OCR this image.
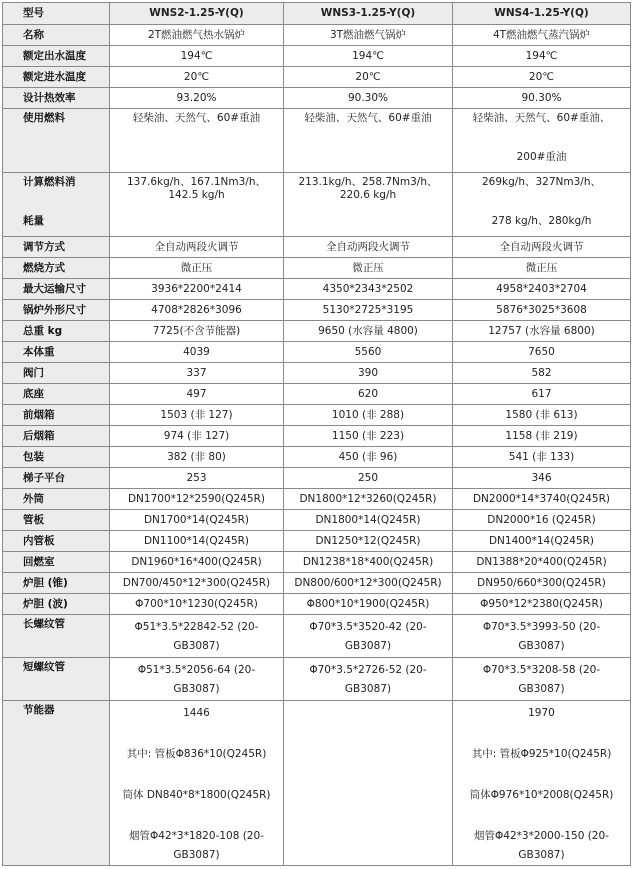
型号	WNS2-1.25-Y(Q)	WNS3-1.25-Y(Q)	WNS4-1.25-Y(Q)
名称	2T燃油燃气热水锅炉	3T燃油燃气锅炉	4T燃油燃气蒸汽锅炉
额定出水温度	194℃	194℃	194℃
额定进水温度	20℃	20℃	20℃
设计热效率	93.20%	90.30%	90.30%
使用燃料	轻柴油、天然气、60#重油	轻柴油、天然气、60#重油	轻柴油、天然气、60#重油、
200#重油

计算燃料消
耗量	137.6kg/h、167.1Nm3/h、
142.5 kg/h	213.1kg/h、258.7Nm3/h、
220.6 kg/h	269kg/h、327Nm3/h、
278 kg/h、280kg/h

调节方式	全自动两段火调节	全自动两段火调节	全自动两段火调节
燃烧方式	微正压	微正压	微正压
最大运输尺寸	3936*2200*2414	4350*2343*2502	4958*2403*2704
锅炉外形尺寸	4708*2826*3096	5130*2725*3195	5876*3025*3608
总重 kg	7725(不含节能器)	9650 (水容量 4800)	12757 (水容量 6800)
本体重	4039	5560	7650
阀门	337	390	582
底座	497	620	617
前烟箱	1503 (非 127)	1010 (非 288)	1580 (非 613)
后烟箱	974 (非 127)	1150 (非 223)	1158 (非 219)
包装	382 (非 80)	450 (非 96)	541 (非 133)
梯子平台	253	250	346
外筒	DN1700*12*2590(Q245R)	DN1800*12*3260(Q245R)	DN2000*14*3740(Q245R)
管板	DN1700*14(Q245R)	DN1800*14(Q245R)	DN2000*16 (Q245R)
内管板	DN1100*14(Q245R)	DN1250*12(Q245R)	DN1400*14(Q245R)
回燃室	DN1960*16*400(Q245R)	DN1238*18*400(Q245R)	DN1388*20*400(Q245R)
炉胆 (锥)	DN700/450*12*300(Q245R)	DN800/600*12*300(Q245R)	DN950/660*300(Q245R)
炉胆 (波)	Φ700*10*1230(Q245R)	Φ800*10*1900(Q245R)	Φ950*12*2380(Q245R)
长螺纹管	Φ51*3.5*22842-52 (20-
GB3087)	Φ70*3.5*3520-42 (20-
GB3087)	Φ70*3.5*3993-50 (20-
GB3087)

短螺纹管	Φ51*3.5*2056-64 (20-
GB3087)	Φ70*3.5*2726-52 (20-
GB3087)	Φ70*3.5*3208-58 (20-
GB3087)

节能器	1446
其中: 管板Φ836*10(Q245R)
筒体 DN840*8*1800(Q245R)
烟管Φ42*3*1820-108 (20-
GB3087)		1970
其中: 管板Φ925*10(Q245R)
筒体Φ976*10*2008(Q245R)
烟管Φ42*3*2000-150 (20-
GB3087)
